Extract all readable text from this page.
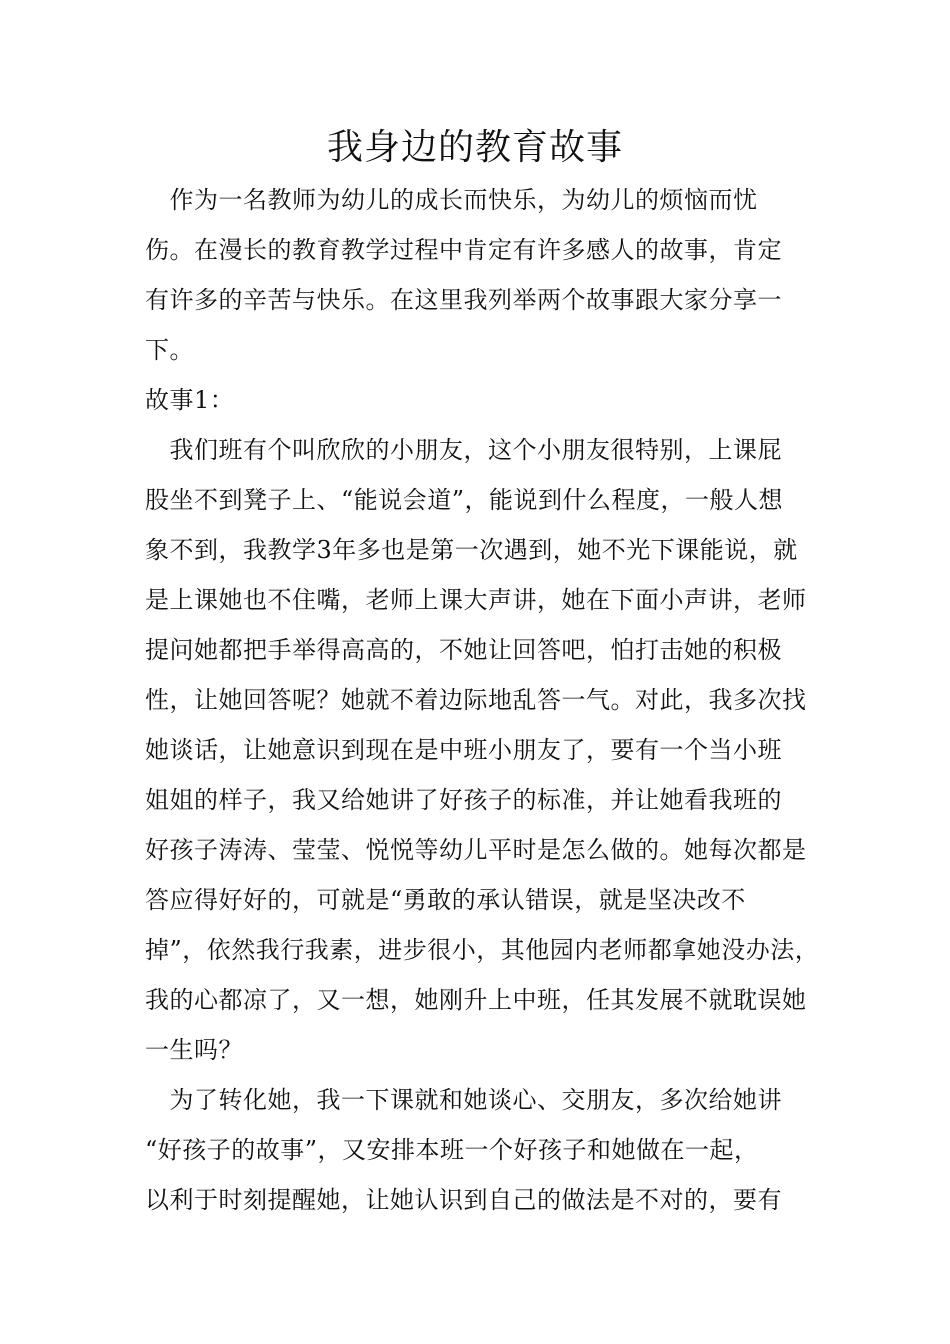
我身边的教育故事
　作为一名教师为幼儿的成长而快乐，为幼儿的烦恼而忧
伤。在漫长的教育教学过程中肯定有许多感人的故事，肯定
有许多的辛苦与快乐。在这里我列举两个故事跟大家分享一
下。
故事1：
　我们班有个叫欣欣的小朋友，这个小朋友很特别，上课屁
股坐不到凳子上、“能说会道”，能说到什么程度，一般人想
象不到，我教学3年多也是第一次遇到，她不光下课能说，就
是上课她也不住嘴，老师上课大声讲，她在下面小声讲，老师
提问她都把手举得高高的，不她让回答吧，怕打击她的积极
性，让她回答呢？她就不着边际地乱答一气。对此，我多次找
她谈话，让她意识到现在是中班小朋友了，要有一个当小班
姐姐的样子，我又给她讲了好孩子的标准，并让她看我班的
好孩子涛涛、莹莹、悦悦等幼儿平时是怎么做的。她每次都是
答应得好好的，可就是“勇敢的承认错误，就是坚决改不
掉”，依然我行我素，进步很小，其他园内老师都拿她没办法，
我的心都凉了，又一想，她刚升上中班，任其发展不就耽误她
一生吗？
　为了转化她，我一下课就和她谈心、交朋友，多次给她讲
“好孩子的故事”，又安排本班一个好孩子和她做在一起，
以利于时刻提醒她，让她认识到自己的做法是不对的，要有
